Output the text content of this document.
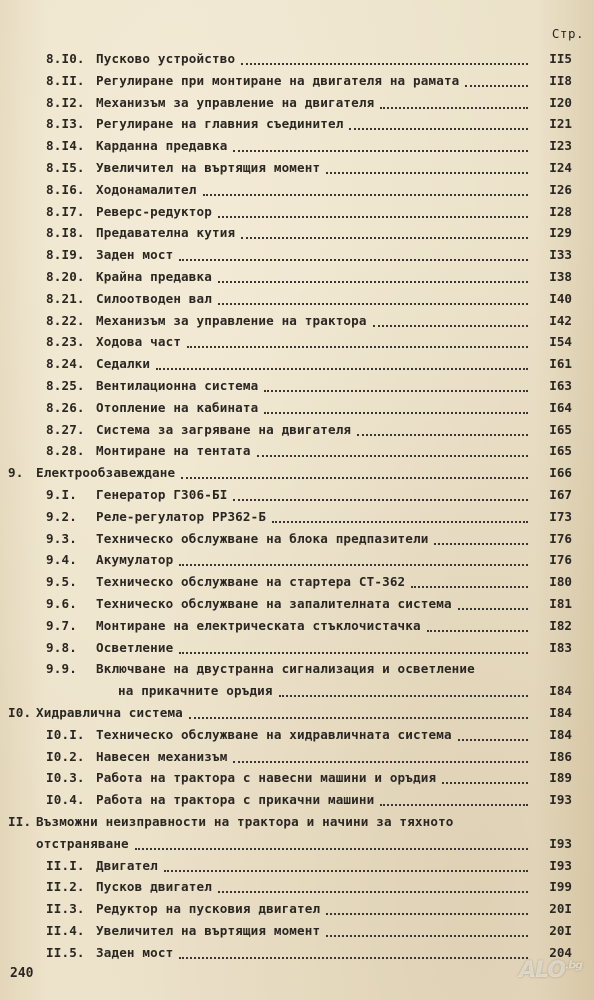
Стр.
8.I0. Пусково устройство	II5
8.II. Регулиране при монтиране на двигателя на рамата	II8
8.I2. Механизъм за управление на двигателя	I20
8.I3. Регулиране на главния съединител	I21
8.I4. Карданна предавка	I23
8.I5. Увеличител на въртящия момент	I24
8.I6. Ходонамалител	I26
8.I7. Реверс-редуктор	I28
8.I8. Предавателна кутия	I29
8.I9. Заден мост	I33
8.20. Крайна предавка	I38
8.21. Силоотводен вал	I40
8.22. Механизъм за управление на трактора	I42
8.23. Ходова част	I54
8.24. Седалки	I61
8.25. Вентилационна система	I63
8.26. Отопление на кабината	I64
8.27. Система за загряване на двигателя	I65
8.28. Монтиране на тентата	I65
9. Електрообзавеждане	I66
9.I. Генератор ГЗ06-БІ	I67
9.2. Реле-регулатор РР362-Б	I73
9.3. Техническо обслужване на блока предпазители	I76
9.4. Акумулатор	I76
9.5. Техническо обслужване на стартера СТ-362	I80
9.6. Техническо обслужване на запалителната система	I81
9.7. Монтиране на електрическата стъклочистачка	I82
9.8. Осветление	I83
9.9. Включване на двустранна сигнализация и осветление
на прикачните оръдия	I84
I0. Хидравлична система	I84
I0.I. Техническо обслужване на хидравличната система	I84
I0.2. Навесен механизъм	I86
I0.3. Работа на трактора с навесни машини и оръдия	I89
I0.4. Работа на трактора с прикачни машини	I93
II. Възможни неизправности на трактора и начини за тяхното
отстраняване	I93
II.I. Двигател	I93
II.2. Пусков двигател	I99
II.3. Редуктор на пусковия двигател	20I
II.4. Увеличител на въртящия момент	20I
II.5. Заден мост	204
240	$ALO^{.bg}$
